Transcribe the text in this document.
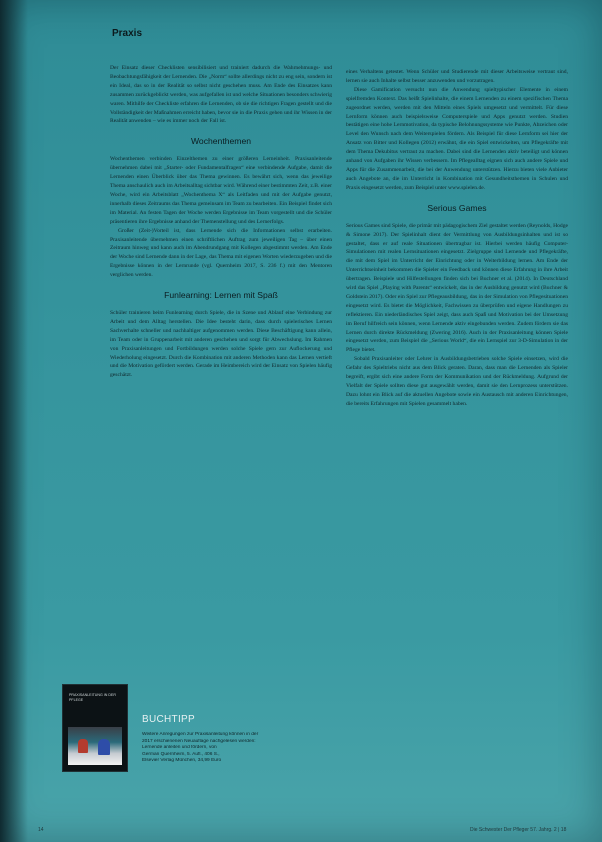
Praxis

Der Einsatz dieser Checklisten sensibilisiert und trainiert dadurch die Wahrnehmungs- und Beobachtungsfähigkeit der Lernenden. Die „Norm“ sollte allerdings nicht zu eng sein, sondern ist ein Ideal, das so in der Realität so selbst nicht geschehen muss. Am Ende des Einsatzes kann zusammen zurückgeblickt werden, was aufgefallen ist und welche Situationen besonders schwierig waren. Mithilfe der Checkliste erfahren die Lernenden, ob sie die richtigen Fragen gestellt und die Vollständigkeit der Maßnahmen erreicht haben, bevor sie in die Praxis gehen und ihr Wissen in der Realität anwenden – wie es immer noch der Fall ist.

Wochenthemen

Wochenthemen verbinden Einzelthemen zu einer größeren Lerneinheit. Praxisanleitende übernehmen dabei mit „Starter- oder Fundamentalfragen“ eine verbindende Aufgabe, damit die Lernenden einen Überblick über das Thema gewinnen. Es bewährt sich, wenn das jeweilige Thema anschaulich auch im Arbeitsalltag sichtbar wird. Während einer bestimmten Zeit, z.B. einer Woche, wird ein Arbeitsblatt „Wochenthema X“ als Leitfaden und mit der Aufgabe genutzt, innerhalb dieses Zeitraums das Thema gemeinsam im Team zu bearbeiten. Ein Beispiel findet sich im Material. An festen Tagen der Woche werden Ergebnisse im Team vorgestellt und die Schüler präsentieren ihre Ergebnisse anhand der Themenstellung und des Lernerfolgs.

Großer (Zeit-)Vorteil ist, dass Lernende sich die Informationen selbst erarbeiten. Praxisanleitende übernehmen einen schriftlichen Auftrag zum jeweiligen Tag – über einen Zeitraum hinweg und kann auch im Abendrundgang mit Kollegen abgestimmt werden. Am Ende der Woche sind Lernende dann in der Lage, das Thema mit eigenen Worten wiederzugeben und die Ergebnisse können in der Lernrunde (vgl. Quernheim 2017, S. 236 f.) mit den Mentoren verglichen werden.

Funlearning: Lernen mit Spaß

Schüler trainieren beim Funlearning durch Spiele, die in Szene und Ablauf eine Verbindung zur Arbeit und dem Alltag herstellen. Die Idee besteht darin, dass durch spielerisches Lernen Sachverhalte schneller und nachhaltiger aufgenommen werden. Diese Beschäftigung kann allein, im Team oder in Gruppenarbeit mit anderen geschehen und sorgt für Abwechslung. Im Rahmen von Praxisanleitungen und Fortbildungen werden solche Spiele gern zur Auflockerung und Wiederholung eingesetzt. Durch die Kombination mit anderen Methoden kann das Lernen vertieft und die Motivation gefördert werden. Gerade im Heimbereich wird der Einsatz von Spielen häufig geschätzt.

eines Verhaltens getestet. Wenn Schüler und Studierende mit dieser Arbeitsweise vertraut sind, lernen sie auch Inhalte selbst besser anzuwenden und vorzutragen.

Diese Gamification versucht nun die Anwendung spieltypischer Elemente in einem spielfremden Kontext. Das heißt Spielinhalte, die einem Lernenden zu einem spezifischen Thema zugeordnet werden, werden mit den Mitteln eines Spiels umgesetzt und vermittelt. Für diese Lernform können auch beispielsweise Computerspiele und Apps genutzt werden. Studien bestätigen eine hohe Lernmotivation, da typische Belohnungssysteme wie Punkte, Abzeichen oder Level den Wunsch nach dem Weiterspielen fördern. Als Beispiel für diese Lernform sei hier der Ansatz von Bitter und Kollegen (2012) erwähnt, die ein Spiel entwickelten, um Pflegekräfte mit dem Thema Dekubitus vertraut zu machen. Dabei sind die Lernenden aktiv beteiligt und können anhand von Aufgaben ihr Wissen verbessern. Im Pflegealltag eignen sich auch andere Spiele und Apps für die Zusammenarbeit, die bei der Anwendung unterstützen. Hierzu bieten viele Anbieter auch Angebote an, die im Unterricht in Kombination mit Gesundheitsthemen in Schulen und Praxis eingesetzt werden, zum Beispiel unter www.spielen.de.

Serious Games

Serious Games sind Spiele, die primär mit pädagogischem Ziel gestaltet werden (Reynolds, Hodge & Simone 2017). Der Spielinhalt dient der Vermittlung von Ausbildungsinhalten und ist so gestaltet, dass er auf reale Situationen übertragbar ist. Hierbei werden häufig Computer-Simulationen mit realen Lernsituationen eingesetzt. Zielgruppe sind Lernende und Pflegekräfte, die mit dem Spiel im Unterricht der Einrichtung oder in Weiterbildung lernen. Am Ende der Unterrichtseinheit bekommen die Spieler ein Feedback und können diese Erfahrung in ihre Arbeit übertragen. Beispiele und Hilfestellungen finden sich bei Buchner et al. (2014). In Deutschland wird das Spiel „Playing with Parents“ entwickelt, das in der Ausbildung genutzt wird (Buchner & Goldstein 2017). Oder ein Spiel zur Pflegeausbildung, das in der Simulation von Pflegesituationen eingesetzt wird. Es bietet die Möglichkeit, Fachwissen zu überprüfen und eigene Handlungen zu reflektieren. Ein niederländisches Spiel zeigt, dass auch Spaß und Motivation bei der Umsetzung im Beruf hilfreich sein können, wenn Lernende aktiv eingebunden werden. Zudem fördern sie das Lernen durch direkte Rückmeldung (Zwering 2016). Auch in der Praxisanleitung können Spiele eingesetzt werden, zum Beispiel die „Serious World“, die ein Lernspiel zur 3-D-Simulation in der Pflege bietet.

Sobald Praxisanleiter oder Lehrer in Ausbildungsbetrieben solche Spiele einsetzen, wird die Gefahr des Spieltriebs nicht aus dem Blick geraten. Daran, dass man die Lernenden als Spieler begreift, ergibt sich eine andere Form der Kommunikation und der Rückmeldung. Aufgrund der Vielfalt der Spiele sollten diese gut ausgewählt werden, damit sie den Lernprozess unterstützen. Dazu lohnt ein Blick auf die aktuellen Angebote sowie ein Austausch mit anderen Einrichtungen, die bereits Erfahrungen mit Spielen gesammelt haben.

PRAXISANLEITUNG IN DER PFLEGE
BUCHTIPP
Weitere Anregungen zur Praxisanleitung können in der
2017 erschienenen Neuauflage nachgelesen werden:
Lernende anleiten und fördern, von
German Quernheim, 5. Aufl., 406 S.,
Elsevier Verlag München, 34,99 Euro
14	Die Schwester Der Pfleger 57. Jahrg. 2 | 18
